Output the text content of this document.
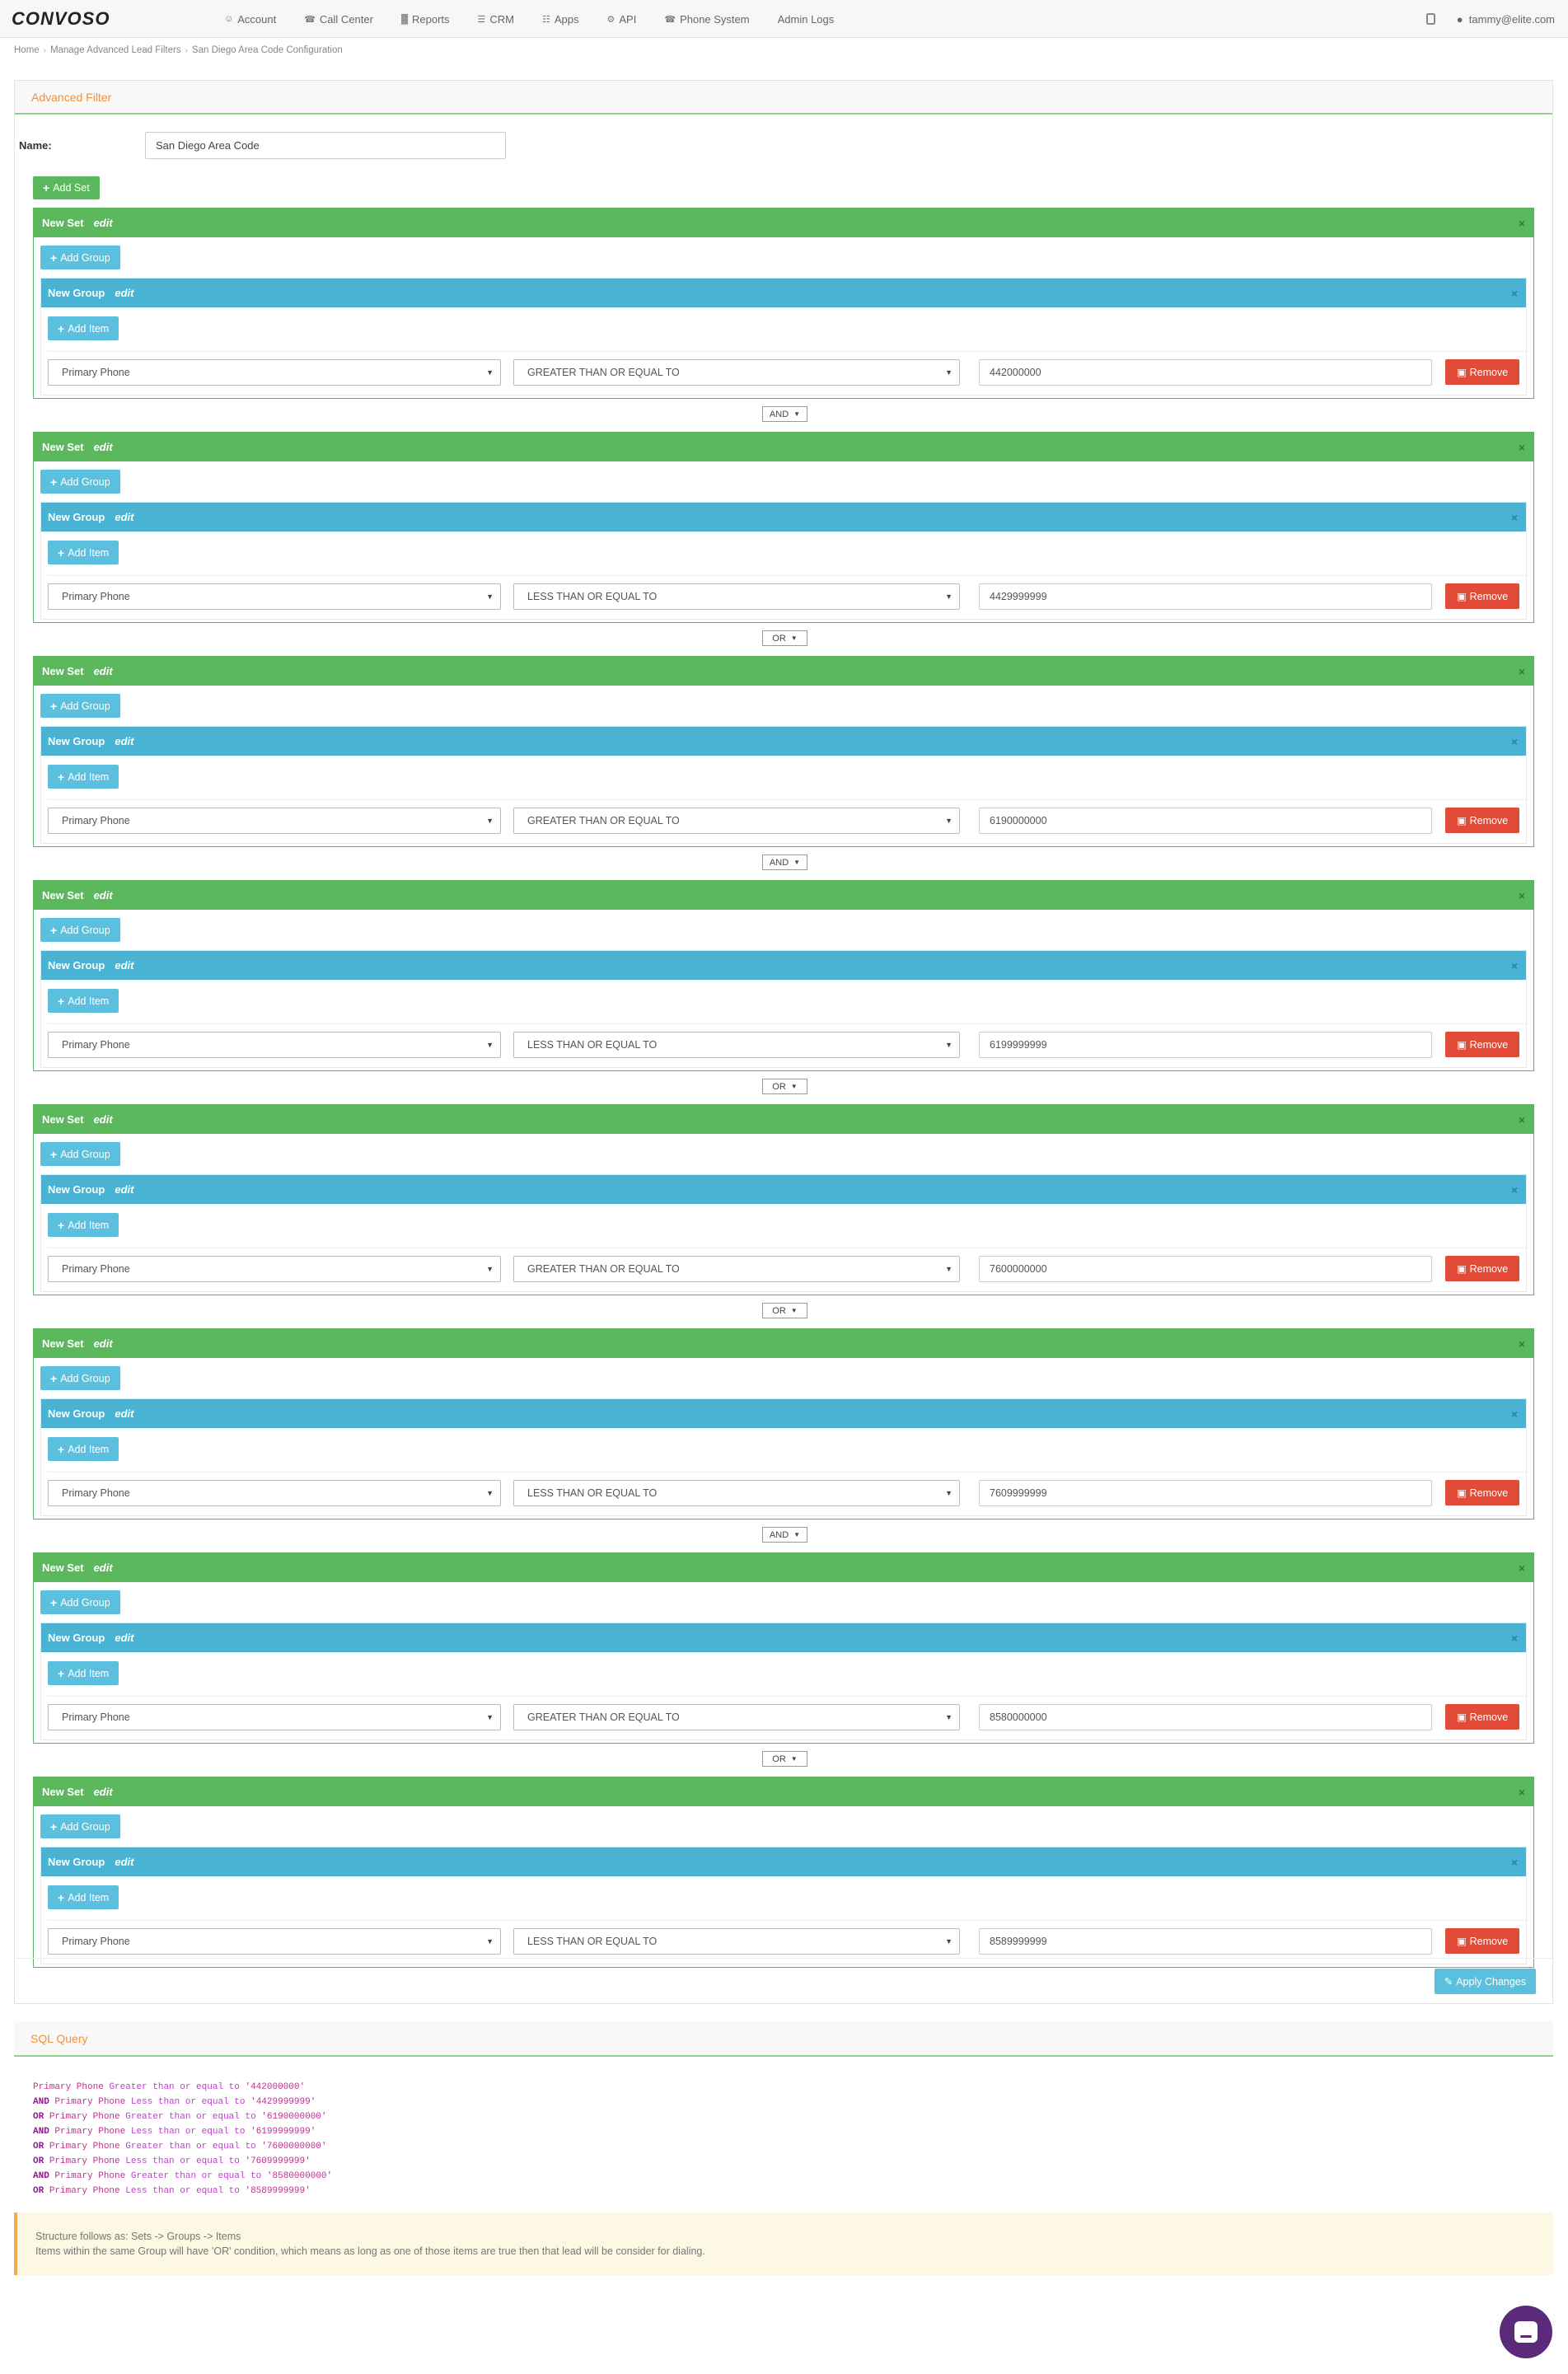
CONVOSO	☺ Account	☎ Call Center	▓ Reports	☰ CRM	☷ Apps	⚙ API	☎ Phone System	Admin Logs	● tammy@elite.com
Home › Manage Advanced Lead Filters › San Diego Area Code Configuration
Advanced Filter
Name:
San Diego Area Code
+ Add Set
New Set edit	×
+ Add Group
New Group edit	×
+ Add Item
Primary Phone	▼	GREATER THAN OR EQUAL TO	▼
442000000	▣ Remove
AND ▼
New Set edit	×
+ Add Group
New Group edit	×
+ Add Item
Primary Phone	▼	LESS THAN OR EQUAL TO	▼
4429999999	▣ Remove
OR ▼
New Set edit	×
+ Add Group
New Group edit	×
+ Add Item
Primary Phone	▼	GREATER THAN OR EQUAL TO	▼
6190000000	▣ Remove
AND ▼
New Set edit	×
+ Add Group
New Group edit	×
+ Add Item
Primary Phone	▼	LESS THAN OR EQUAL TO	▼
6199999999	▣ Remove
OR ▼
New Set edit	×
+ Add Group
New Group edit	×
+ Add Item
Primary Phone	▼	GREATER THAN OR EQUAL TO	▼
7600000000	▣ Remove
OR ▼
New Set edit	×
+ Add Group
New Group edit	×
+ Add Item
Primary Phone	▼	LESS THAN OR EQUAL TO	▼
7609999999	▣ Remove
AND ▼
New Set edit	×
+ Add Group
New Group edit	×
+ Add Item
Primary Phone	▼	GREATER THAN OR EQUAL TO	▼
8580000000	▣ Remove
OR ▼
New Set edit	×
+ Add Group
New Group edit	×
+ Add Item
Primary Phone	▼	LESS THAN OR EQUAL TO	▼
8589999999	▣ Remove
✎ Apply Changes
SQL Query
Primary Phone Greater than or equal to '442000000'
AND Primary Phone Less than or equal to '4429999999'
OR Primary Phone Greater than or equal to '6190000000'
AND Primary Phone Less than or equal to '6199999999'
OR Primary Phone Greater than or equal to '7600000000'
OR Primary Phone Less than or equal to '7609999999'
AND Primary Phone Greater than or equal to '8580000000'
OR Primary Phone Less than or equal to '8589999999'
Structure follows as: Sets -> Groups -> Items
Items within the same Group will have 'OR' condition, which means as long as one of those items are true then that lead will be consider for dialing.
